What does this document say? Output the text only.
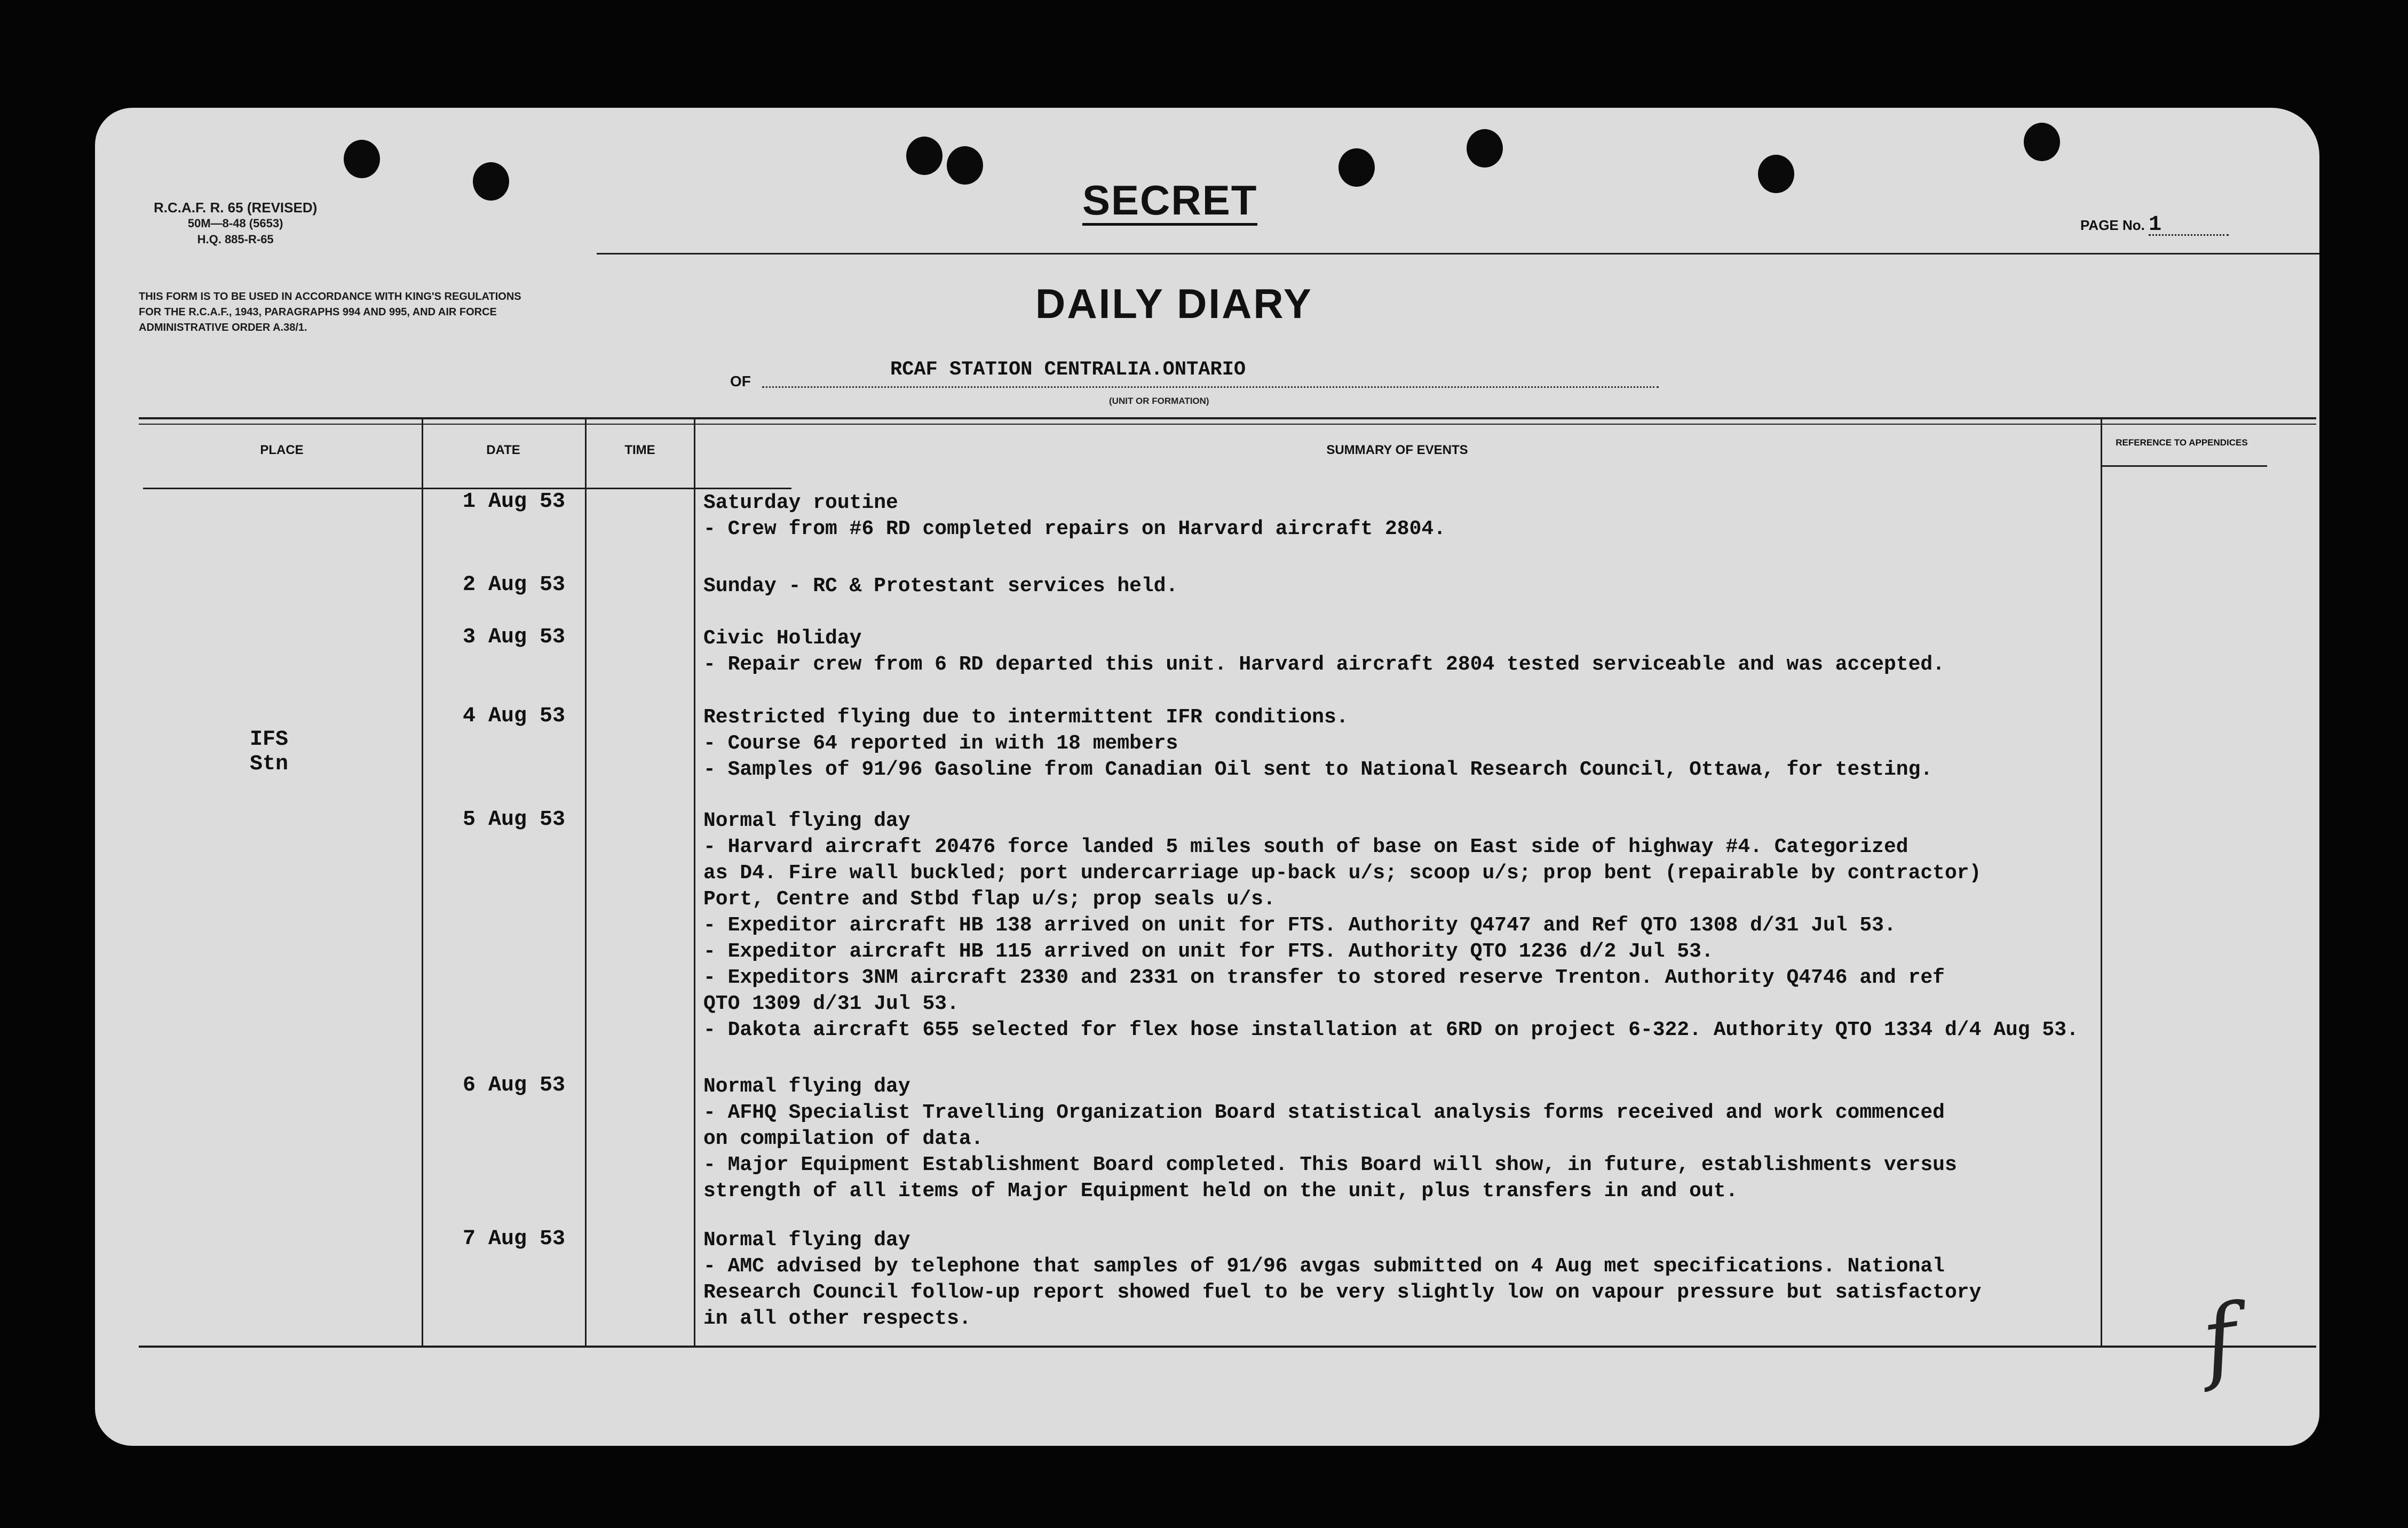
R.C.A.F. R. 65 (REVISED)
50M—8-48 (5653)
H.Q. 885-R-65
SECRET
PAGE No. 1
THIS FORM IS TO BE USED IN ACCORDANCE WITH KING'S REGULATIONS FOR THE R.C.A.F., 1943, PARAGRAPHS 994 AND 995, AND AIR FORCE ADMINISTRATIVE ORDER A.38/1.
DAILY DIARY
OF
RCAF STATION CENTRALIA.ONTARIO
(UNIT OR FORMATION)
PLACE	DATE	TIME	SUMMARY OF EVENTS
REFERENCE TO APPENDICES
IFS
Stn
1 Aug 53	Saturday routine
- Crew from #6 RD completed repairs on Harvard aircraft 2804.
2 Aug 53	Sunday - RC & Protestant services held.
3 Aug 53	Civic Holiday
- Repair crew from 6 RD departed this unit. Harvard aircraft 2804 tested serviceable and was accepted.
4 Aug 53	Restricted flying due to intermittent IFR conditions.
- Course 64 reported in with 18 members
- Samples of 91/96 Gasoline from Canadian Oil sent to National Research Council, Ottawa, for testing.
5 Aug 53	Normal flying day
- Harvard aircraft 20476 force landed 5 miles south of base on East side of highway #4. Categorized
as D4. Fire wall buckled; port undercarriage up-back u/s; scoop u/s; prop bent (repairable by contractor)
Port, Centre and Stbd flap u/s; prop seals u/s.
- Expeditor aircraft HB 138 arrived on unit for FTS. Authority Q4747 and Ref QTO 1308 d/31 Jul 53.
- Expeditor aircraft HB 115 arrived on unit for FTS. Authority QTO 1236 d/2 Jul 53.
- Expeditors 3NM aircraft 2330 and 2331 on transfer to stored reserve Trenton. Authority Q4746 and ref
QTO 1309 d/31 Jul 53.
- Dakota aircraft 655 selected for flex hose installation at 6RD on project 6-322. Authority QTO 1334 d/4 Aug 53.
6 Aug 53	Normal flying day
- AFHQ Specialist Travelling Organization Board statistical analysis forms received and work commenced
on compilation of data.
- Major Equipment Establishment Board completed. This Board will show, in future, establishments versus
strength of all items of Major Equipment held on the unit, plus transfers in and out.
7 Aug 53	Normal flying day
- AMC advised by telephone that samples of 91/96 avgas submitted on 4 Aug met specifications. National
Research Council follow-up report showed fuel to be very slightly low on vapour pressure but satisfactory
in all other respects.	f
